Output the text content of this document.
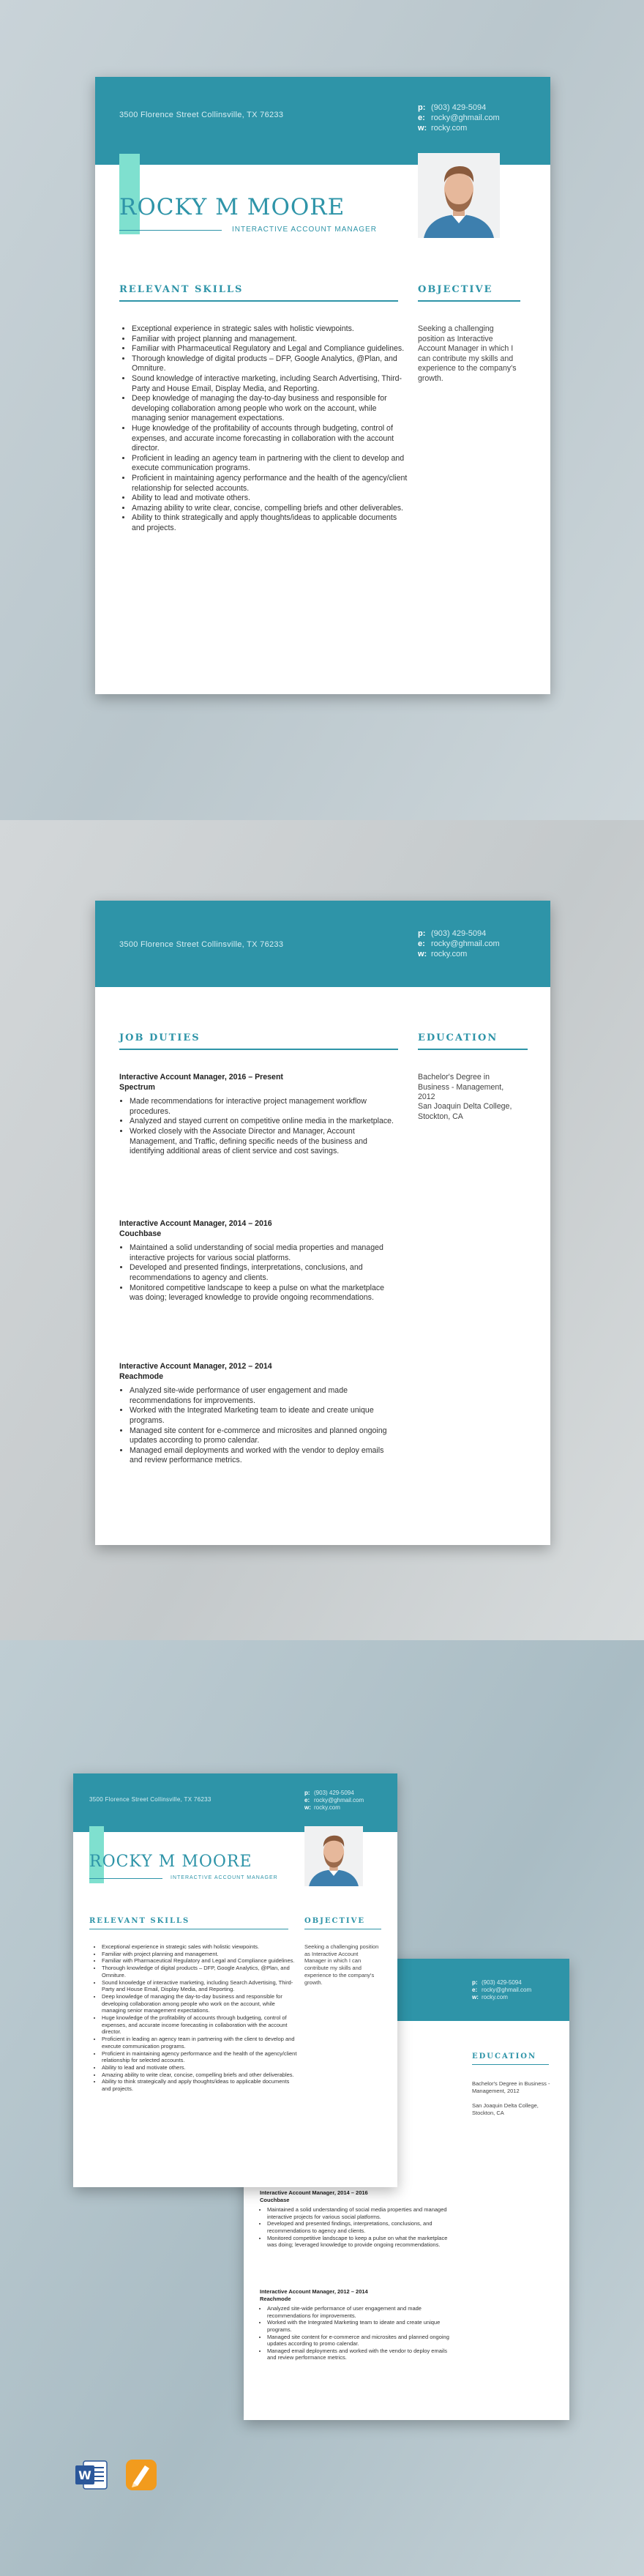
3500 Florence Street Collinsville, TX 76233
p: (903) 429-5094
e: rocky@ghmail.com
w: rocky.com
ROCKY M MOORE
INTERACTIVE ACCOUNT MANAGER
RELEVANT SKILLS
• Exceptional experience in strategic sales with holistic viewpoints.
• Familiar with project planning and management.
• Familiar with Pharmaceutical Regulatory and Legal and Compliance guidelines.
• Thorough knowledge of digital products – DFP, Google Analytics, @Plan, and Omniture.
• Sound knowledge of interactive marketing, including Search Advertising, Third-Party and House Email, Display Media, and Reporting.
• Deep knowledge of managing the day-to-day business and responsible for developing collaboration among people who work on the account, while managing senior management expectations.
• Huge knowledge of the profitability of accounts through budgeting, control of expenses, and accurate income forecasting in collaboration with the account director.
• Proficient in leading an agency team in partnering with the client to develop and execute communication programs.
• Proficient in maintaining agency performance and the health of the agency/client relationship for selected accounts.
• Ability to lead and motivate others.
• Amazing ability to write clear, concise, compelling briefs and other deliverables.
• Ability to think strategically and apply thoughts/ideas to applicable documents and projects.
OBJECTIVE
Seeking a challenging position as Interactive Account Manager in which I can contribute my skills and experience to the company's growth.
3500 Florence Street Collinsville, TX 76233
p: (903) 429-5094
e: rocky@ghmail.com
w: rocky.com
JOB DUTIES
Interactive Account Manager, 2016 – Present
Spectrum
• Made recommendations for interactive project management workflow procedures.
• Analyzed and stayed current on competitive online media in the marketplace.
• Worked closely with the Associate Director and Manager, Account Management, and Traffic, defining specific needs of the business and identifying additional areas of client service and cost savings.
Interactive Account Manager, 2014 – 2016
Couchbase
• Maintained a solid understanding of social media properties and managed interactive projects for various social platforms.
• Developed and presented findings, interpretations, conclusions, and recommendations to agency and clients.
• Monitored competitive landscape to keep a pulse on what the marketplace was doing; leveraged knowledge to provide ongoing recommendations.
Interactive Account Manager, 2012 – 2014
Reachmode
• Analyzed site-wide performance of user engagement and made recommendations for improvements.
• Worked with the Integrated Marketing team to ideate and create unique programs.
• Managed site content for e-commerce and microsites and planned ongoing updates according to promo calendar.
• Managed email deployments and worked with the vendor to deploy emails and review performance metrics.
EDUCATION
Bachelor's Degree in Business - Management, 2012
San Joaquin Delta College, Stockton, CA
p: (903) 429-5094
e: rocky@ghmail.com
w: rocky.com
EDUCATION
Bachelor's Degree in Business - Management, 2012
San Joaquin Delta College, Stockton, CA
Interactive Account Manager, 2014 – 2016
Couchbase
• Maintained a solid understanding of social media properties and managed interactive projects for various social platforms.
• Developed and presented findings, interpretations, conclusions, and recommendations to agency and clients.
• Monitored competitive landscape to keep a pulse on what the marketplace was doing; leveraged knowledge to provide ongoing recommendations.
Interactive Account Manager, 2012 – 2014
Reachmode
• Analyzed site-wide performance of user engagement and made recommendations for improvements.
• Worked with the Integrated Marketing team to ideate and create unique programs.
• Managed site content for e-commerce and microsites and planned ongoing updates according to promo calendar.
• Managed email deployments and worked with the vendor to deploy emails and review performance metrics.
3500 Florence Street Collinsville, TX 76233
p: (903) 429-5094
e: rocky@ghmail.com
w: rocky.com
ROCKY M MOORE
INTERACTIVE ACCOUNT MANAGER
RELEVANT SKILLS
• Exceptional experience in strategic sales with holistic viewpoints.
• Familiar with project planning and management.
• Familiar with Pharmaceutical Regulatory and Legal and Compliance guidelines.
• Thorough knowledge of digital products – DFP, Google Analytics, @Plan, and Omniture.
• Sound knowledge of interactive marketing, including Search Advertising, Third-Party and House Email, Display Media, and Reporting.
• Deep knowledge of managing the day-to-day business and responsible for developing collaboration among people who work on the account, while managing senior management expectations.
• Huge knowledge of the profitability of accounts through budgeting, control of expenses, and accurate income forecasting in collaboration with the account director.
• Proficient in leading an agency team in partnering with the client to develop and execute communication programs.
• Proficient in maintaining agency performance and the health of the agency/client relationship for selected accounts.
• Ability to lead and motivate others.
• Amazing ability to write clear, concise, compelling briefs and other deliverables.
• Ability to think strategically and apply thoughts/ideas to applicable documents and projects.
OBJECTIVE
Seeking a challenging position as Interactive Account Manager in which I can contribute my skills and experience to the company's growth.
W
